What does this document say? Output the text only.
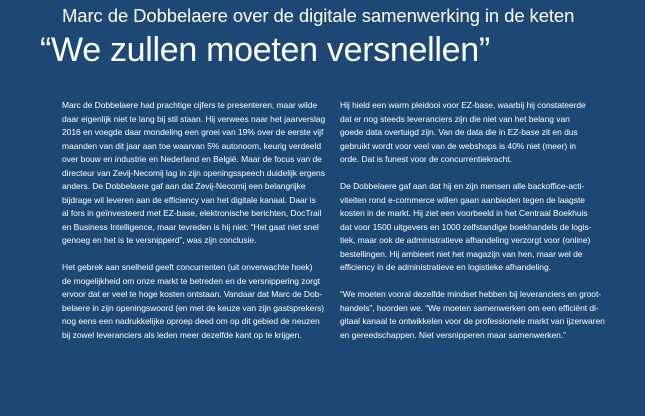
Marc de Dobbelaere over de digitale samenwerking in de keten
“We zullen moeten versnellen”

Marc de Dobbelaere had prachtige cijfers te presenteren, maar wilde
daar eigenlijk niet te lang bij stil staan. Hij verwees naar het jaarverslag
2016 en voegde daar mondeling een groei van 19% over de eerste vijf
maanden van dit jaar aan toe waarvan 5% autonoom, keurig verdeeld
over bouw en industrie en Nederland en België. Maar de focus van de
directeur van Zevij-Necomij lag in zijn openingsspeech duidelijk ergens
anders. De Dobbelaere gaf aan dat Zevij-Necomij een belangrijke
bijdrage wil leveren aan de efficiency van het digitale kanaal. Daar is
al fors in geïnvesteerd met EZ-base, elektronische berichten, DocTrail
en Business Intelligence, maar tevreden is hij niet: “Het gaat niet snel
genoeg en het is te versnipperd”, was zijn conclusie.

Het gebrek aan snelheid geeft concurrenten (uit onverwachte hoek)
de mogelijkheid om onze markt te betreden en de versnippering zorgt
ervoor dat er veel te hoge kosten ontstaan. Vandaar dat Marc de Dob-
belaere in zijn openingswoord (en met de keuze van zijn gastsprekers)
nog eens een nadrukkelijke oproep deed om op dit gebied de neuzen
bij zowel leveranciers als leden meer dezelfde kant op te krijgen.

Hij hield een warm pleidooi voor EZ-base, waarbij hij constateerde
dat er nog steeds leveranciers zijn die niet van het belang van
goede data overtuigd zijn. Van de data die in EZ-base zit en dus
gebruikt wordt voor veel van de webshops is 40% niet (meer) in
orde. Dat is funest voor de concurrentiekracht.

De Dobbelaere gaf aan dat hij en zijn mensen alle backoffice-acti-
viteiten rond e-commerce willen gaan aanbieden tegen de laagste
kosten in de markt. Hij ziet een voorbeeld in het Centraal Boekhuis
dat voor 1500 uitgevers en 1000 zelfstandige boekhandels de logis-
tiek, maar ook de administratieve afhandeling verzorgt voor (online)
bestellingen. Hij ambieert niet het magazijn van hen, maar wel de
efficiency in de administratieve en logistieke afhandeling.

“We moeten vooral dezelfde mindset hebben bij leveranciers en groot-
handels”, hoorden we. “We moeten samenwerken om een efficiënt di-
gitaal kanaal te ontwikkelen voor de professionele markt van ijzerwaren
en gereedschappen. Niet versnipperen maar samenwerken.”
